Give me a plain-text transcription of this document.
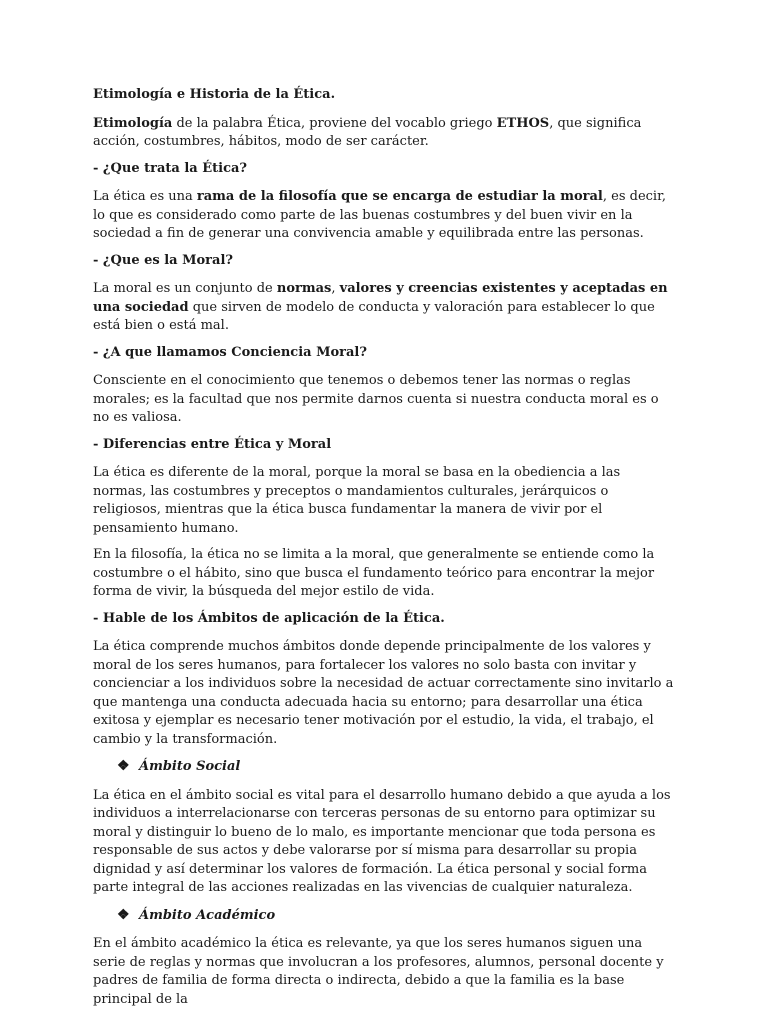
Etimología e Historia de la Ética.

Etimología de la palabra Ética, proviene del vocablo griego ETHOS, que significa acción, costumbres, hábitos, modo de ser carácter.

- ¿Que trata la Ética?

La ética es una rama de la filosofía que se encarga de estudiar la moral, es decir, lo que es considerado como parte de las buenas costumbres y del buen vivir en la sociedad a fin de generar una convivencia amable y equilibrada entre las personas.

- ¿Que es la Moral?

La moral es un conjunto de normas, valores y creencias existentes y aceptadas en una sociedad que sirven de modelo de conducta y valoración para establecer lo que está bien o está mal.

- ¿A que llamamos Conciencia Moral?

Consciente en el conocimiento que tenemos o debemos tener las normas o reglas morales; es la facultad que nos permite darnos cuenta si nuestra conducta moral es o no es valiosa.

- Diferencias entre Ética y Moral

La ética es diferente de la moral, porque la moral se basa en la obediencia a las normas, las costumbres y preceptos o mandamientos culturales, jerárquicos o religiosos, mientras que la ética busca fundamentar la manera de vivir por el pensamiento humano.

En la filosofía, la ética no se limita a la moral, que generalmente se entiende como la costumbre o el hábito, sino que busca el fundamento teórico para encontrar la mejor forma de vivir, la búsqueda del mejor estilo de vida.

- Hable de los Ámbitos de aplicación de la Ética.

La ética comprende muchos ámbitos donde depende principalmente de los valores y moral de los seres humanos, para fortalecer los valores no solo basta con invitar y concienciar a los individuos sobre la necesidad de actuar correctamente sino invitarlo a que mantenga una conducta adecuada hacia su entorno; para desarrollar una ética exitosa y ejemplar es necesario tener motivación por el estudio, la vida, el trabajo, el cambio y la transformación.

❖ Ámbito Social

La ética en el ámbito social es vital para el desarrollo humano debido a que ayuda a los individuos a interrelacionarse con terceras personas de su entorno para optimizar su moral y distinguir lo bueno de lo malo, es importante mencionar que toda persona es responsable de sus actos y debe valorarse por sí misma para desarrollar su propia dignidad y así determinar los valores de formación. La ética personal y social forma parte integral de las acciones realizadas en las vivencias de cualquier naturaleza.

❖ Ámbito Académico

En el ámbito académico la ética es relevante, ya que los seres humanos siguen una serie de reglas y normas que involucran a los profesores, alumnos, personal docente y padres de familia de forma directa o indirecta, debido a que la familia es la base principal de la
